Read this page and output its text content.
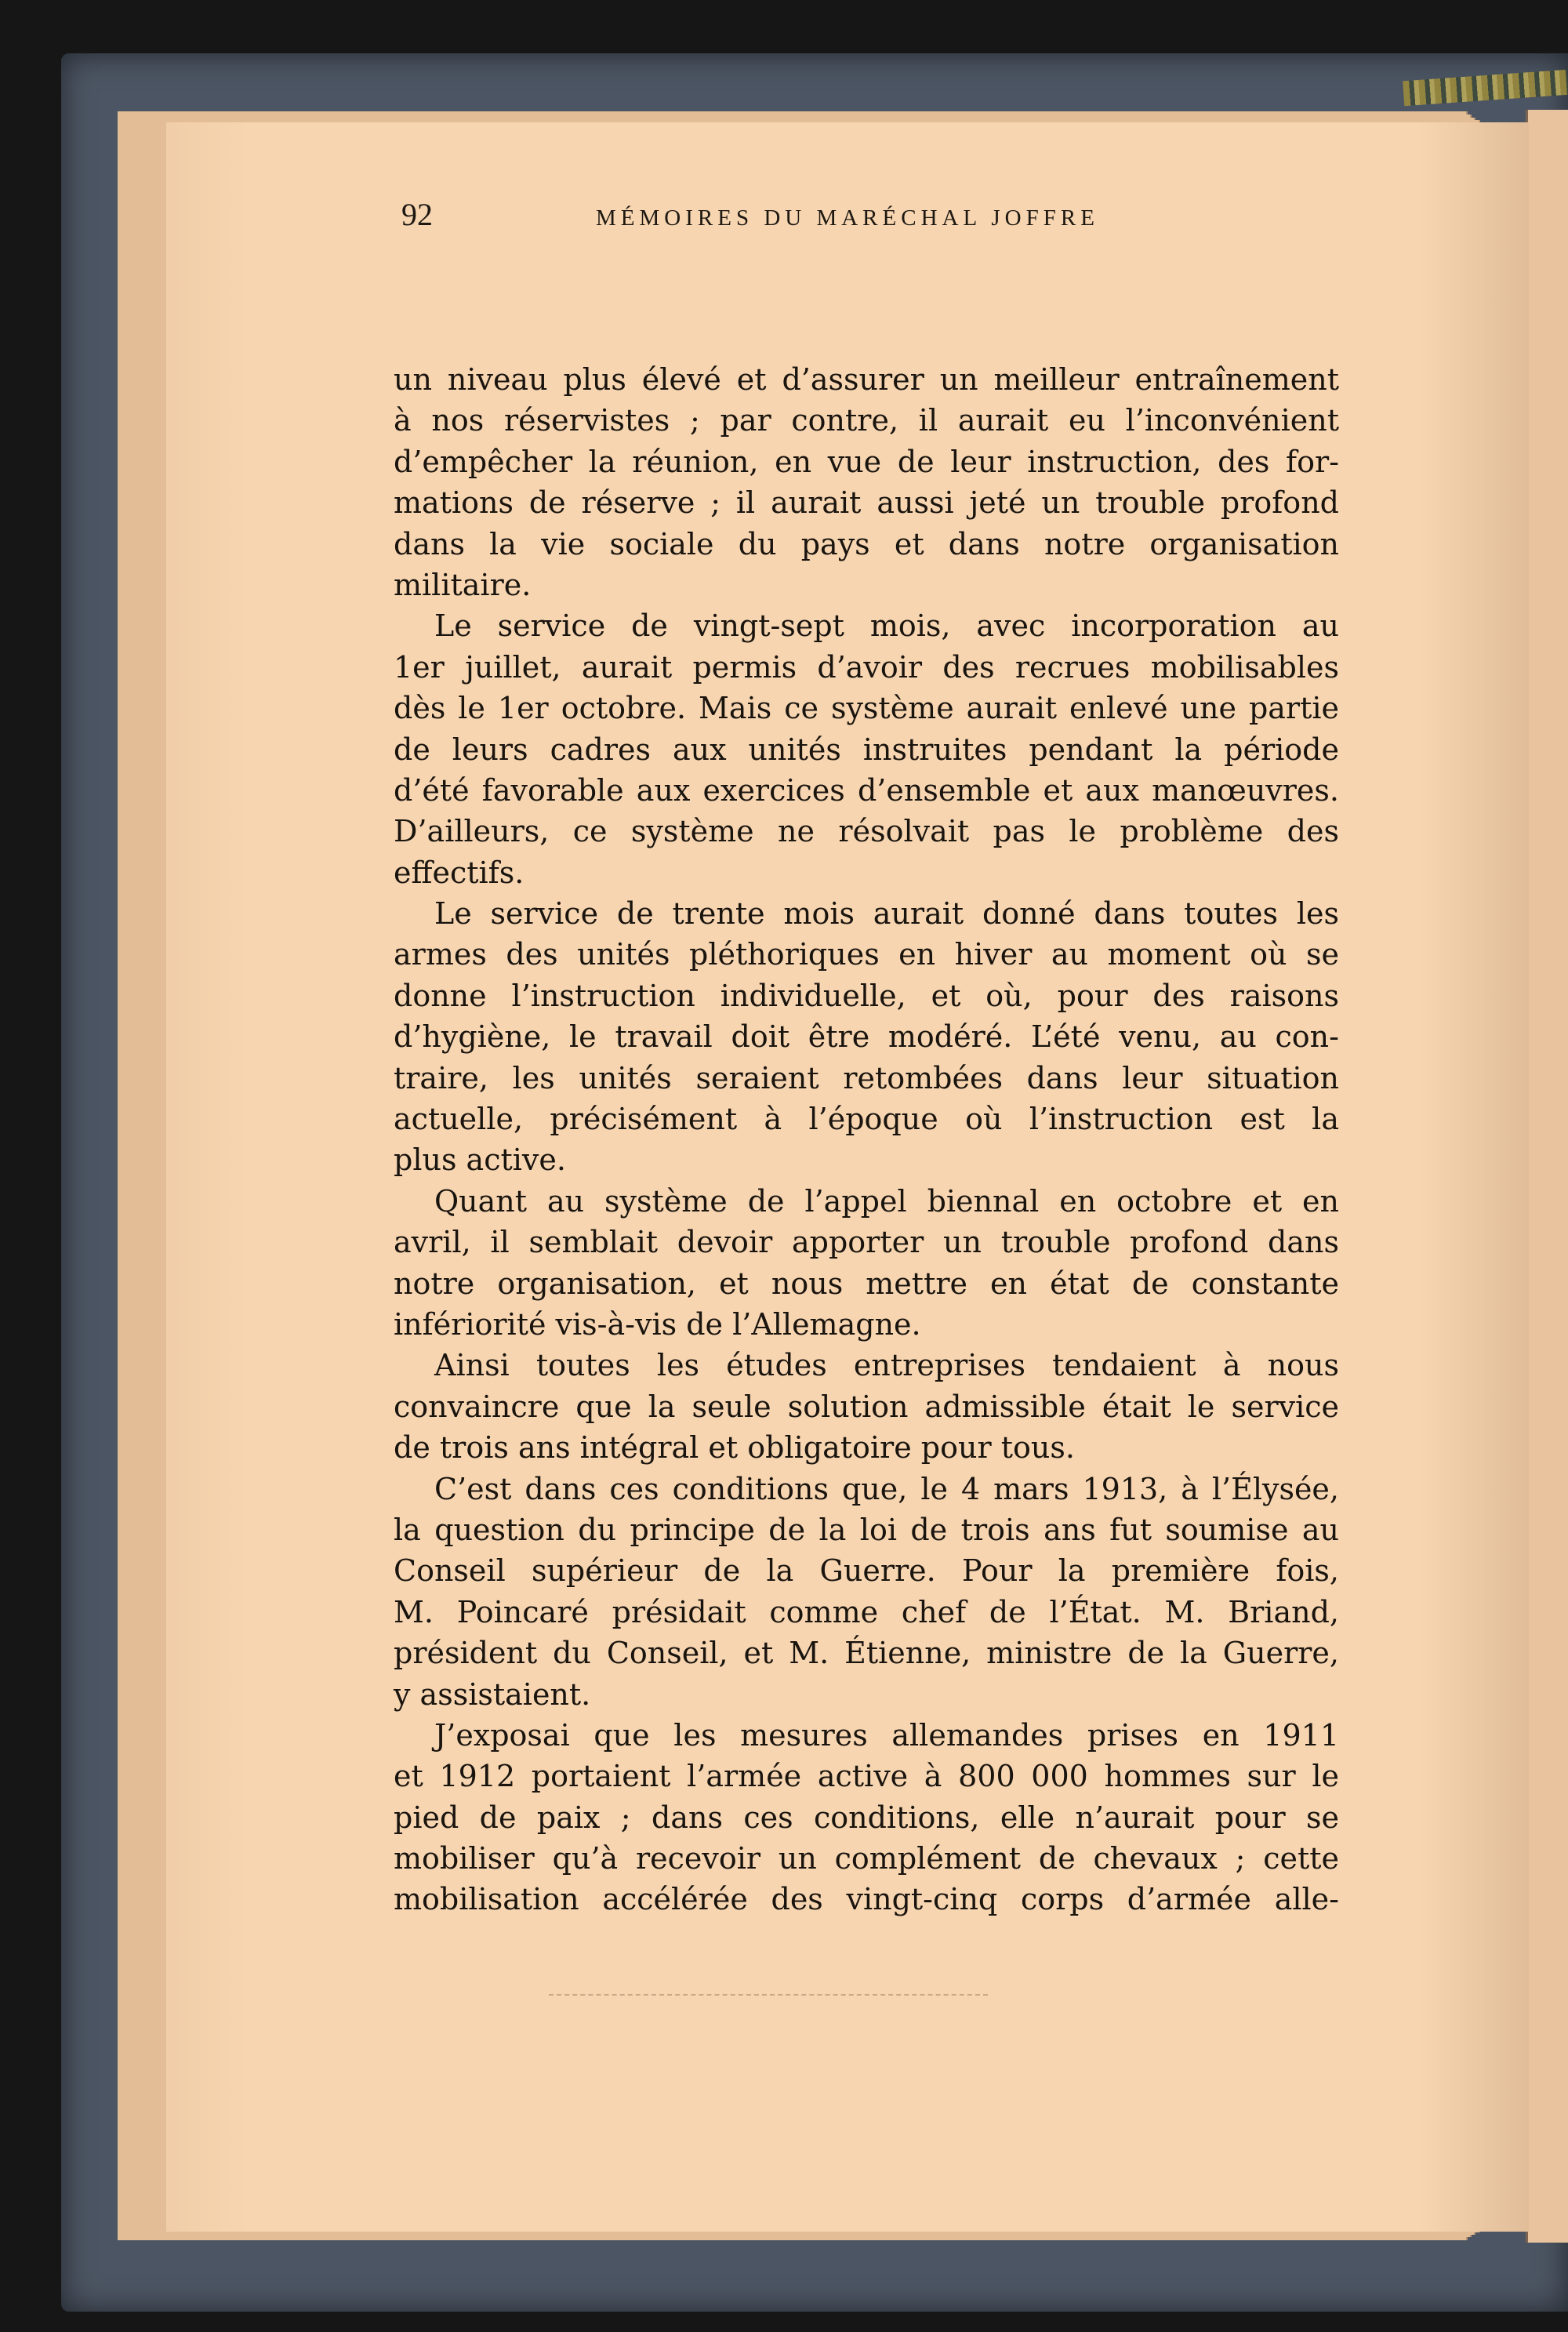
92	MÉMOIRES DU MARÉCHAL JOFFRE
un niveau plus élevé et d’assurer un meilleur entraînement
à nos réservistes ; par contre, il aurait eu l’inconvénient
d’empêcher la réunion, en vue de leur instruction, des for-
mations de réserve ; il aurait aussi jeté un trouble profond
dans la vie sociale du pays et dans notre organisation
militaire.
Le service de vingt-sept mois, avec incorporation au
1er juillet, aurait permis d’avoir des recrues mobilisables
dès le 1er octobre. Mais ce système aurait enlevé une partie
de leurs cadres aux unités instruites pendant la période
d’été favorable aux exercices d’ensemble et aux manœuvres.
D’ailleurs, ce système ne résolvait pas le problème des
effectifs.
Le service de trente mois aurait donné dans toutes les
armes des unités pléthoriques en hiver au moment où se
donne l’instruction individuelle, et où, pour des raisons
d’hygiène, le travail doit être modéré. L’été venu, au con-
traire, les unités seraient retombées dans leur situation
actuelle, précisément à l’époque où l’instruction est la
plus active.
Quant au système de l’appel biennal en octobre et en
avril, il semblait devoir apporter un trouble profond dans
notre organisation, et nous mettre en état de constante
infériorité vis-à-vis de l’Allemagne.
Ainsi toutes les études entreprises tendaient à nous
convaincre que la seule solution admissible était le service
de trois ans intégral et obligatoire pour tous.
C’est dans ces conditions que, le 4 mars 1913, à l’Élysée,
la question du principe de la loi de trois ans fut soumise au
Conseil supérieur de la Guerre. Pour la première fois,
M. Poincaré présidait comme chef de l’État. M. Briand,
président du Conseil, et M. Étienne, ministre de la Guerre,
y assistaient.
J’exposai que les mesures allemandes prises en 1911
et 1912 portaient l’armée active à 800 000 hommes sur le
pied de paix ; dans ces conditions, elle n’aurait pour se
mobiliser qu’à recevoir un complément de chevaux ; cette
mobilisation accélérée des vingt-cinq corps d’armée alle-
